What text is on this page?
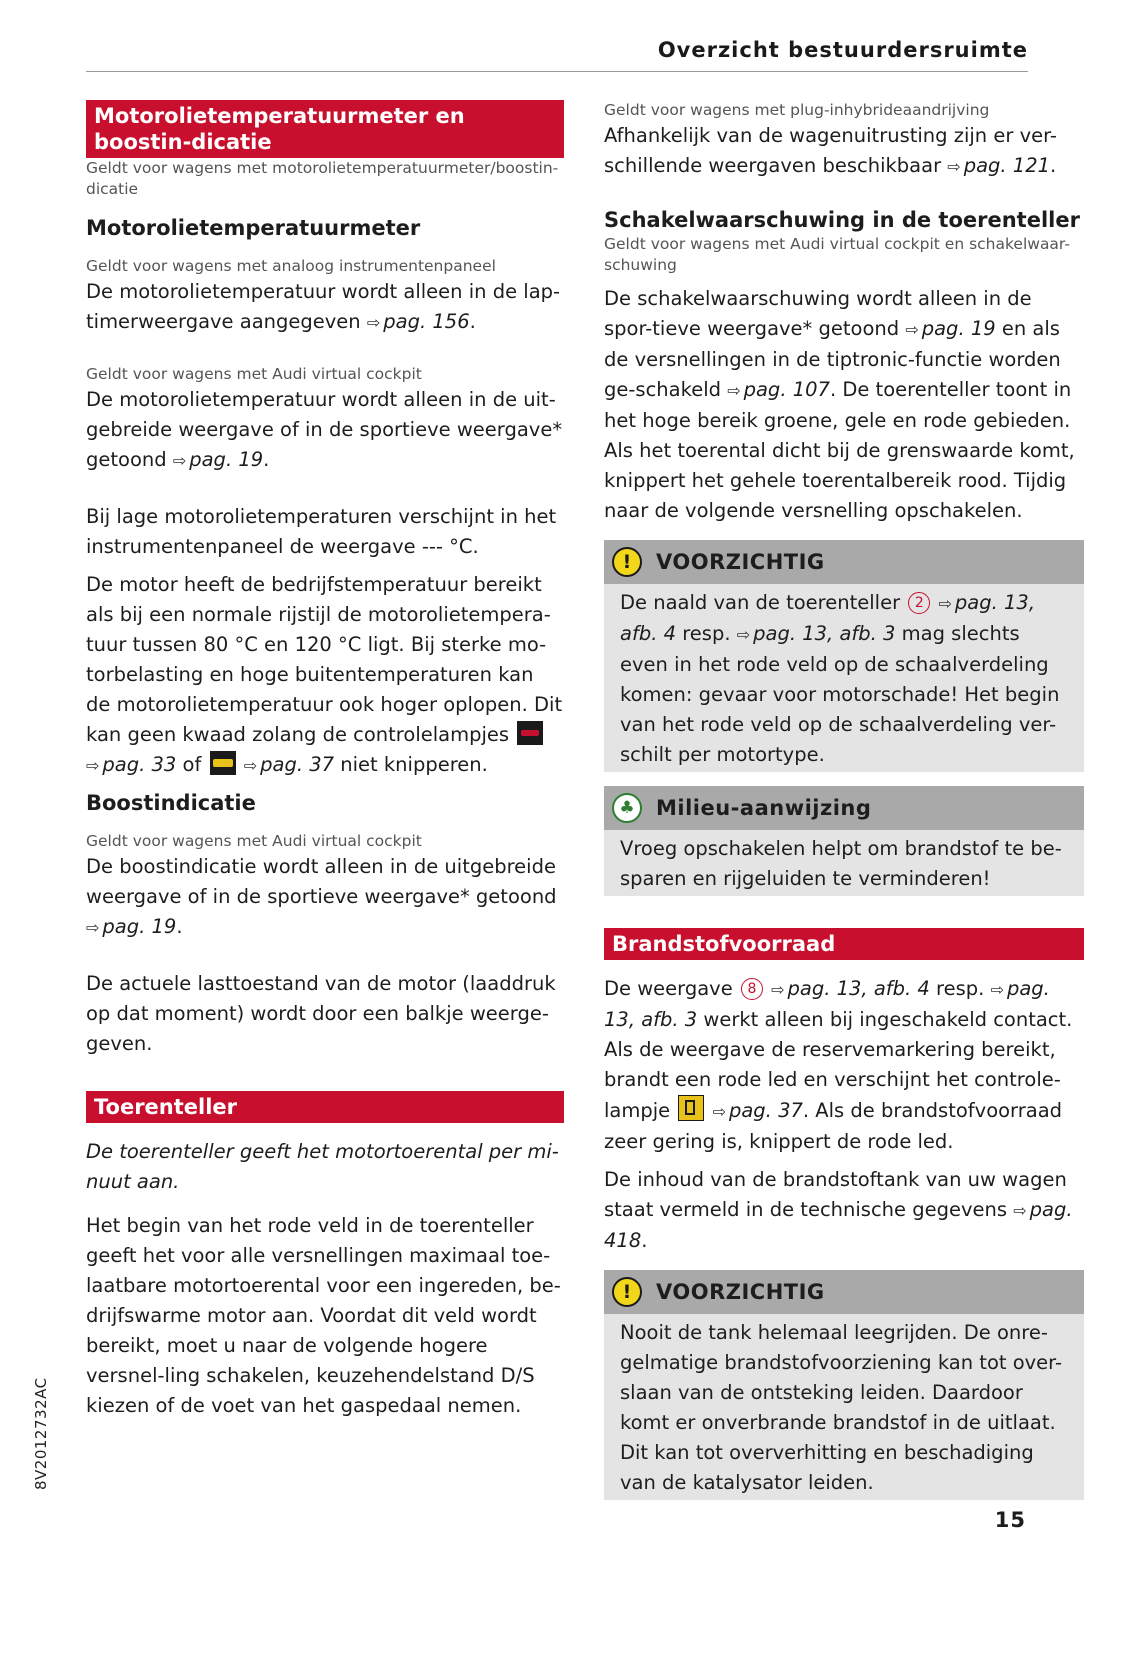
Overzicht bestuurdersruimte
Motorolietemperatuurmeter en boostin-dicatie

Geldt voor wagens met motorolietemperatuurmeter/boostin-dicatie

Motorolietemperatuurmeter

Geldt voor wagens met analoog instrumentenpaneel

De motorolietemperatuur wordt alleen in de lap-timerweergave aangegeven ⇨ pag. 156.

Geldt voor wagens met Audi virtual cockpit

De motorolietemperatuur wordt alleen in de uit-gebreide weergave of in de sportieve weergave* getoond ⇨ pag. 19.

Bij lage motorolietemperaturen verschijnt in het instrumentenpaneel de weergave --- °C.

De motor heeft de bedrijfstemperatuur bereikt als bij een normale rijstijl de motorolietempera-tuur tussen 80 °C en 120 °C ligt. Bij sterke mo-torbelasting en hoge buitentemperaturen kan de motorolietemperatuur ook hoger oplopen. Dit kan geen kwaad zolang de controlelampjes
⇨ pag. 33 of	⇨ pag. 37 niet knipperen.

Boostindicatie

Geldt voor wagens met Audi virtual cockpit

De boostindicatie wordt alleen in de uitgebreide weergave of in de sportieve weergave* getoond ⇨ pag. 19.

De actuele lasttoestand van de motor (laaddruk op dat moment) wordt door een balkje weerge-geven.

Toerenteller

De toerenteller geeft het motortoerental per mi-nuut aan.

Het begin van het rode veld in de toerenteller geeft het voor alle versnellingen maximaal toe-laatbare motortoerental voor een ingereden, be-drijfswarme motor aan. Voordat dit veld wordt bereikt, moet u naar de volgende hogere versnel-ling schakelen, keuzehendelstand D/S kiezen of de voet van het gaspedaal nemen.

Geldt voor wagens met plug-inhybrideaandrijving

Afhankelijk van de wagenuitrusting zijn er ver-schillende weergaven beschikbaar ⇨ pag. 121.

Schakelwaarschuwing in de toerenteller

Geldt voor wagens met Audi virtual cockpit en schakelwaar-schuwing

De schakelwaarschuwing wordt alleen in de spor-tieve weergave* getoond ⇨ pag. 19 en als de versnellingen in de tiptronic-functie worden ge-schakeld ⇨ pag. 107. De toerenteller toont in het hoge bereik groene, gele en rode gebieden. Als het toerental dicht bij de grenswaarde komt, knippert het gehele toerentalbereik rood. Tijdig naar de volgende versnelling opschakelen.

!	VOORZICHTIG

De naald van de toerenteller 2 ⇨ pag. 13, afb. 4 resp. ⇨ pag. 13, afb. 3 mag slechts even in het rode veld op de schaalverdeling komen: gevaar voor motorschade! Het begin van het rode veld op de schaalverdeling ver-schilt per motortype.

♣	Milieu-aanwijzing

Vroeg opschakelen helpt om brandstof te be-sparen en rijgeluiden te verminderen!

Brandstofvoorraad

De weergave 8 ⇨ pag. 13, afb. 4 resp. ⇨ pag. 13, afb. 3 werkt alleen bij ingeschakeld contact. Als de weergave de reservemarkering bereikt, brandt een rode led en verschijnt het controle-lampje	⇨ pag. 37. Als de brandstofvoorraad zeer gering is, knippert de rode led.

De inhoud van de brandstoftank van uw wagen staat vermeld in de technische gegevens ⇨ pag. 418.

!	VOORZICHTIG

Nooit de tank helemaal leegrijden. De onre-gelmatige brandstofvoorziening kan tot over-slaan van de ontsteking leiden. Daardoor komt er onverbrande brandstof in de uitlaat. Dit kan tot oververhitting en beschadiging van de katalysator leiden.

8V2012732AC
15
